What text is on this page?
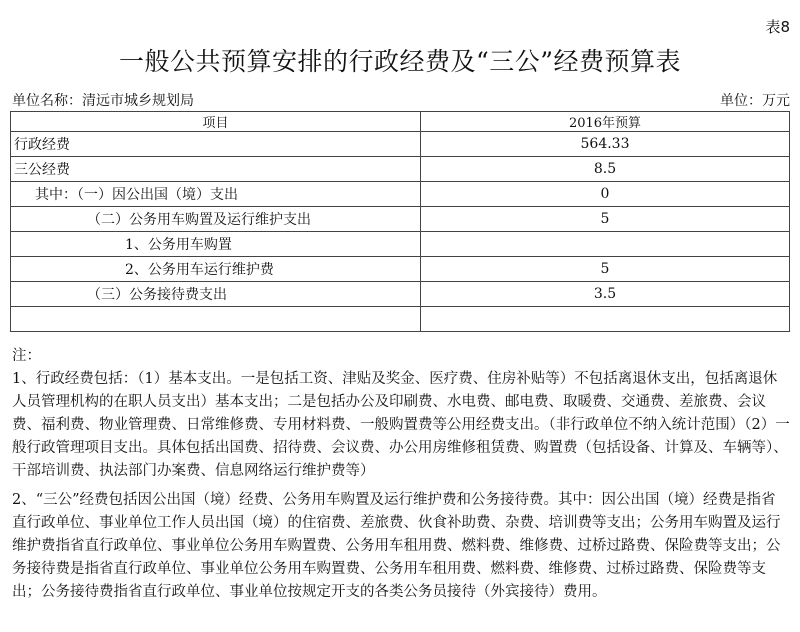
表8
一般公共预算安排的行政经费及“三公”经费预算表
单位名称：清远市城乡规划局	单位：万元
项目	2016年预算
行政经费	564.33
三公经费	8.5
其中：（一）因公出国（境）支出	0
（二）公务用车购置及运行维护支出	5
1、公务用车购置	
2、公务用车运行维护费	5
（三）公务接待费支出	3.5

注：

1、行政经费包括：（1）基本支出。一是包括工资、津贴及奖金、医疗费、住房补贴等）不包括离退休支出，包括离退休人员管理机构的在职人员支出）基本支出；二是包括办公及印刷费、水电费、邮电费、取暖费、交通费、差旅费、会议费、福利费、物业管理费、日常维修费、专用材料费、一般购置费等公用经费支出。（非行政单位不纳入统计范围）（2）一般行政管理项目支出。具体包括出国费、招待费、会议费、办公用房维修租赁费、购置费（包括设备、计算及、车辆等）、干部培训费、执法部门办案费、信息网络运行维护费等）

2、“三公”经费包括因公出国（境）经费、公务用车购置及运行维护费和公务接待费。其中：因公出国（境）经费是指省直行政单位、事业单位工作人员出国（境）的住宿费、差旅费、伙食补助费、杂费、培训费等支出；公务用车购置及运行维护费指省直行政单位、事业单位公务用车购置费、公务用车租用费、燃料费、维修费、过桥过路费、保险费等支出；公务接待费是指省直行政单位、事业单位公务用车购置费、公务用车租用费、燃料费、维修费、过桥过路费、保险费等支出；公务接待费指省直行政单位、事业单位按规定开支的各类公务员接待（外宾接待）费用。
